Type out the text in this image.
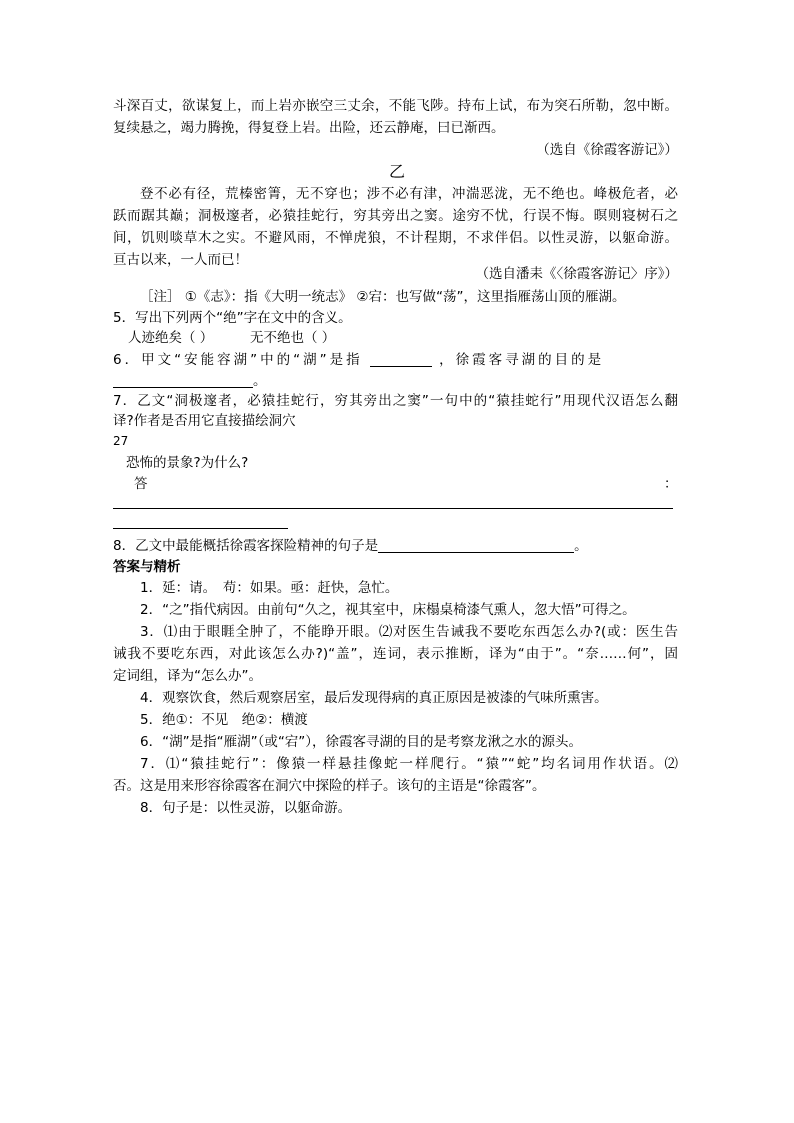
斗深百丈，欲谋复上，而上岩亦嵌空三丈余，不能飞陟。持布上试，布为突石所勒，忽中断。
复续悬之，竭力腾挽，得复登上岩。出险，还云静庵，曰已渐西。
（选自《徐霞客游记》）
乙
登不必有径，荒榛密箐，无不穿也；涉不必有津，冲湍恶泷，无不绝也。峰极危者，必
跃而踞其巅；洞极邃者，必猿挂蛇行，穷其旁出之窦。途穷不忧，行误不悔。暝则寝树石之
间，饥则啖草木之实。不避风雨，不惮虎狼，不计程期，不求伴侣。以性灵游，以躯命游。
亘古以来，一人而已！
（选自潘耒《〈徐霞客游记〉序》）
［注］ ①《志》：指《大明一统志》 ②宕：也写做“荡”，这里指雁荡山顶的雁湖。
5．写出下列两个“绝”字在文中的含义。
人迹绝矣（ ）	无不绝也（ ）
6．甲文“安能容湖”中的“湖”是指	，徐霞客寻湖的目的是
。
7．乙文“洞极邃者，必猿挂蛇行，穷其旁出之窦”一句中的“猿挂蛇行”用现代汉语怎么翻
译?作者是否用它直接描绘洞穴
27
恐怖的景象?为什么?
答	：
8．乙文中最能概括徐霞客探险精神的句子是	。
答案与精析
1．延：请。　苟：如果。亟：赶快，急忙。
2．“之”指代病因。由前句“久之，视其室中，床榻桌椅漆气熏人，忽大悟”可得之。
3．⑴由于眼睚全肿了，不能睁开眼。⑵对医生告诫我不要吃东西怎么办?(或：医生告
诫我不要吃东西，对此该怎么办?)“盖”，连词，表示推断，译为“由于”。“奈……何”，固
定词组，译为“怎么办”。
4．观察饮食，然后观察居室，最后发现得病的真正原因是被漆的气味所熏害。
5．绝①：不见　绝②：横渡
6．“湖”是指“雁湖”（或“宕”），徐霞客寻湖的目的是考察龙湫之水的源头。
7．⑴“猿挂蛇行”：像猿一样悬挂像蛇一样爬行。“猿”“蛇”均名词用作状语。⑵
否。这是用来形容徐霞客在洞穴中探险的样子。该句的主语是“徐霞客”。
8．句子是：以性灵游，以躯命游。
